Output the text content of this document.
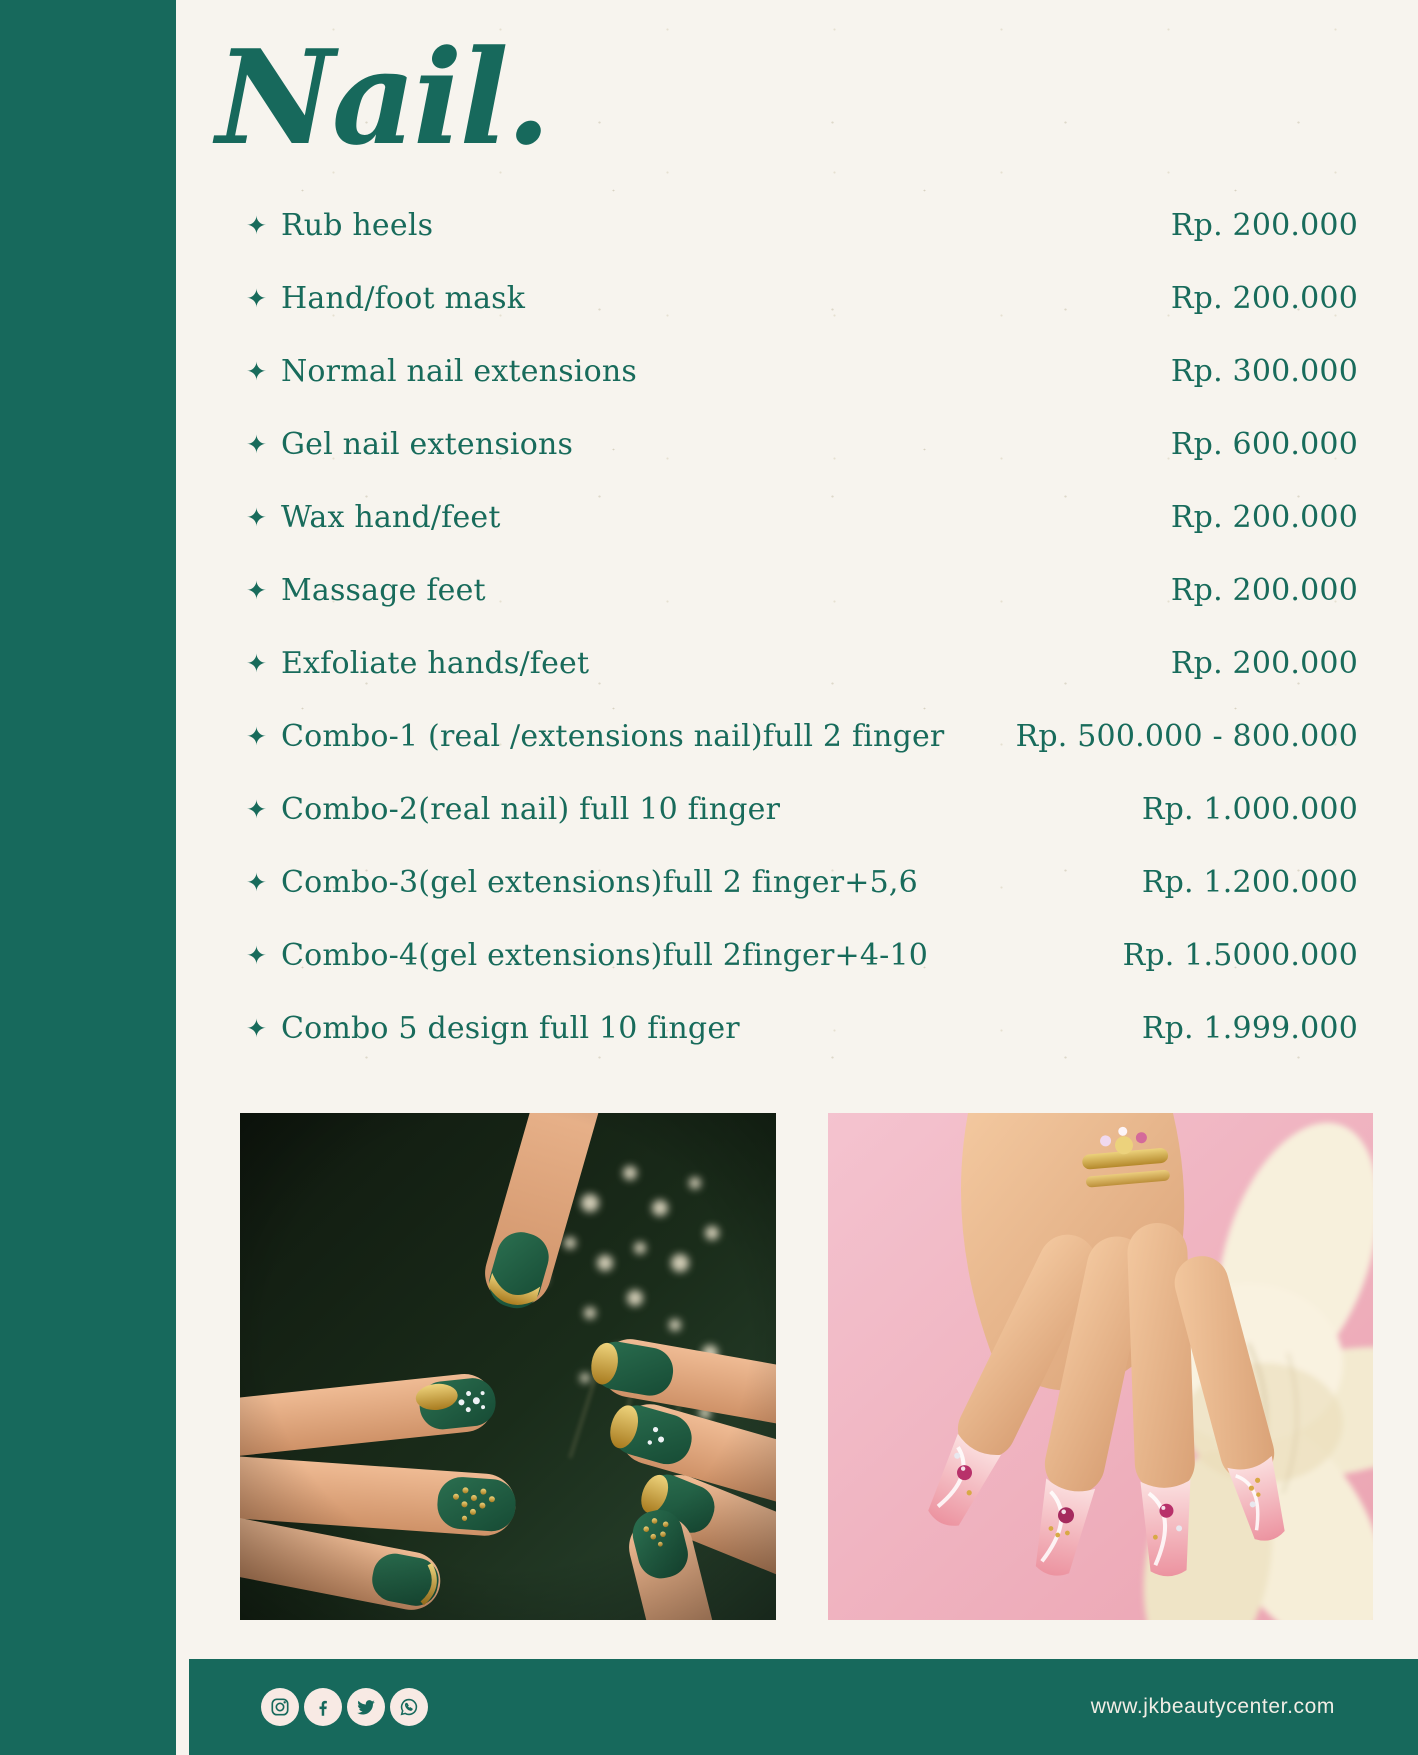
Nail.
✦ Rub heels	Rp. 200.000
✦ Hand/foot mask	Rp. 200.000
✦ Normal nail extensions	Rp. 300.000
✦ Gel nail extensions	Rp. 600.000
✦ Wax hand/feet	Rp. 200.000
✦ Massage feet	Rp. 200.000
✦ Exfoliate hands/feet	Rp. 200.000
✦ Combo-1 (real /extensions nail)full 2 finger Rp. 500.000 - 800.000
✦ Combo-2(real nail) full 10 finger	Rp. 1.000.000
✦ Combo-3(gel extensions)full 2 finger+5,6	Rp. 1.200.000
✦ Combo-4(gel extensions)full 2finger+4-10	Rp. 1.5000.000
✦ Combo 5 design full 10 finger	Rp. 1.999.000
www.jkbeautycenter.com
